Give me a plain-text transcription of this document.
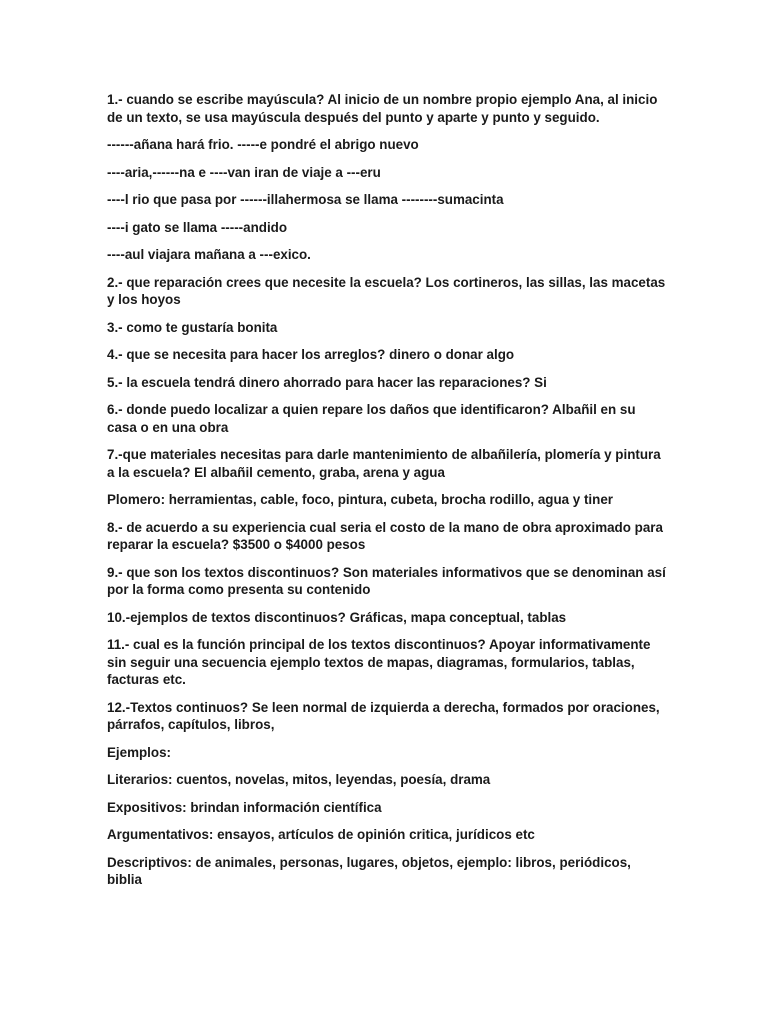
1.- cuando se escribe mayúscula? Al inicio de un nombre propio ejemplo Ana, al inicio de un texto, se usa mayúscula después del punto y aparte y punto y seguido.

------añana hará frio. -----e pondré el abrigo nuevo

----aria,------na e ----van iran de viaje a ---eru

----l rio que pasa por ------illahermosa se llama --------sumacinta

----i gato se llama -----andido

----aul viajara mañana a ---exico.

2.- que reparación crees que necesite la escuela? Los cortineros, las sillas, las macetas y los hoyos

3.- como te gustaría bonita

4.- que se necesita para hacer los arreglos? dinero o donar algo

5.- la escuela tendrá dinero ahorrado para hacer las reparaciones? Si

6.- donde puedo localizar a quien repare los daños que identificaron? Albañil en su casa o en una obra

7.-que materiales necesitas para darle mantenimiento de albañilería, plomería y pintura a la escuela? El albañil cemento, graba, arena y agua

Plomero: herramientas, cable, foco, pintura, cubeta, brocha rodillo, agua y tiner

8.- de acuerdo a su experiencia cual seria el costo de la mano de obra aproximado para reparar la escuela? $3500 o $4000 pesos

9.- que son los textos discontinuos? Son materiales informativos que se denominan así por la forma como presenta su contenido

10.-ejemplos de textos discontinuos? Gráficas, mapa conceptual, tablas

11.- cual es la función principal de los textos discontinuos? Apoyar informativamente sin seguir una secuencia ejemplo textos de mapas, diagramas, formularios, tablas, facturas etc.

12.-Textos continuos? Se leen normal de izquierda a derecha, formados por oraciones, párrafos, capítulos, libros,

Ejemplos:

Literarios: cuentos, novelas, mitos, leyendas, poesía, drama

Expositivos: brindan información científica

Argumentativos: ensayos, artículos de opinión critica, jurídicos etc

Descriptivos: de animales, personas, lugares, objetos, ejemplo: libros, periódicos, biblia
